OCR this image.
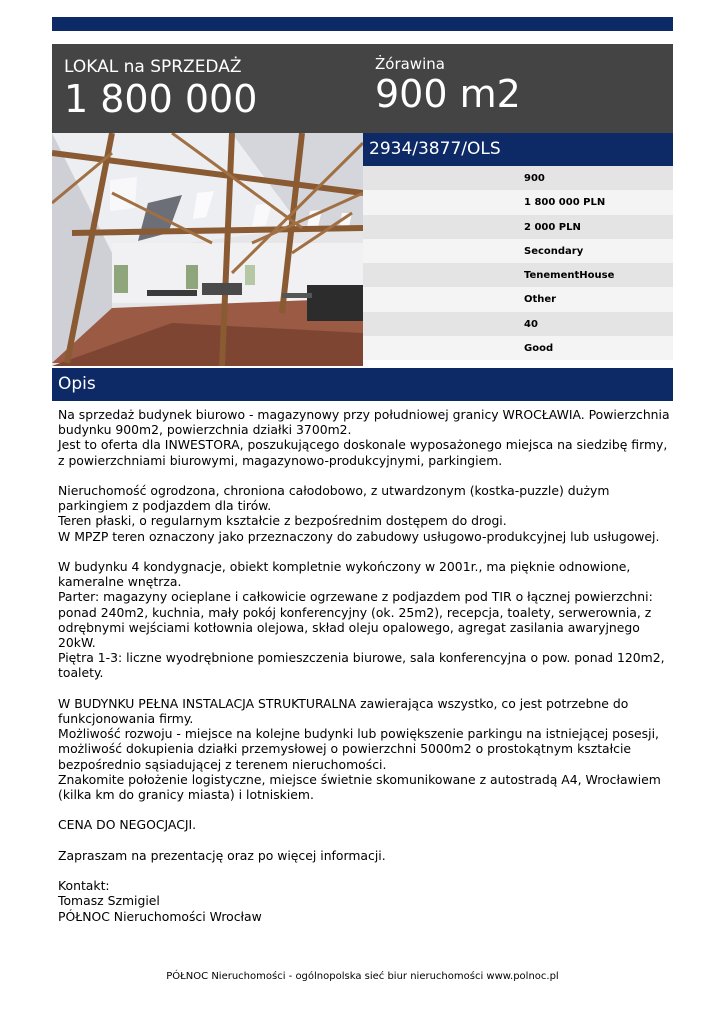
LOKAL na SPRZEDAŻ
1 800 000
Żórawina
900 m2
2934/3877/OLS
900
1 800 000 PLN
2 000 PLN
Secondary
TenementHouse
Other
40
Good
Opis

Na sprzedaż budynek biurowo - magazynowy przy południowej granicy WROCŁAWIA. Powierzchnia budynku 900m2, powierzchnia działki 3700m2.
Jest to oferta dla INWESTORA, poszukującego doskonale wyposażonego miejsca na siedzibę firmy, z powierzchniami biurowymi, magazynowo-produkcyjnymi, parkingiem.

Nieruchomość ogrodzona, chroniona całodobowo, z utwardzonym (kostka-puzzle) dużym parkingiem z podjazdem dla tirów.
Teren płaski, o regularnym kształcie z bezpośrednim dostępem do drogi.
W MPZP teren oznaczony jako przeznaczony do zabudowy usługowo-produkcyjnej lub usługowej.

W budynku 4 kondygnacje, obiekt kompletnie wykończony w 2001r., ma pięknie odnowione, kameralne wnętrza.
Parter: magazyny ocieplane i całkowicie ogrzewane z podjazdem pod TIR o łącznej powierzchni: ponad 240m2, kuchnia, mały pokój konferencyjny (ok. 25m2), recepcja, toalety, serwerownia, z odrębnymi wejściami kotłownia olejowa, skład oleju opalowego, agregat zasilania awaryjnego 20kW.
Piętra 1-3: liczne wyodrębnione pomieszczenia biurowe, sala konferencyjna o pow. ponad 120m2, toalety.

W BUDYNKU PEŁNA INSTALACJA STRUKTURALNA zawierająca wszystko, co jest potrzebne do funkcjonowania firmy.
Możliwość rozwoju - miejsce na kolejne budynki lub powiększenie parkingu na istniejącej posesji, możliwość dokupienia działki przemysłowej o powierzchni 5000m2 o prostokątnym kształcie bezpośrednio sąsiadującej z terenem nieruchomości.
Znakomite położenie logistyczne, miejsce świetnie skomunikowane z autostradą A4, Wrocławiem (kilka km do granicy miasta) i lotniskiem.

CENA DO NEGOCJACJI.

Zapraszam na prezentację oraz po więcej informacji.

Kontakt:
Tomasz Szmigiel
PÓŁNOC Nieruchomości Wrocław

PÓŁNOC Nieruchomości - ogólnopolska sieć biur nieruchomości www.polnoc.pl
